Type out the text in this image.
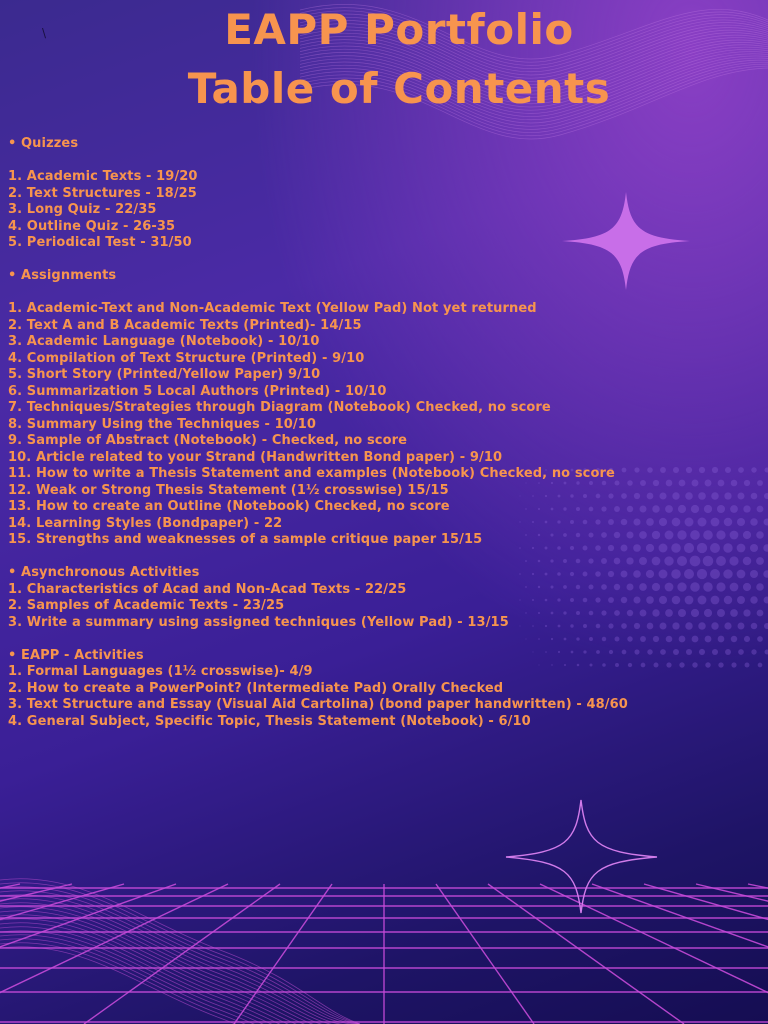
\	EAPP Portfolio
Table of Contents
• Quizzes
1. Academic Texts - 19/20
2. Text Structures - 18/25
3. Long Quiz - 22/35
4. Outline Quiz - 26-35
5. Periodical Test - 31/50
• Assignments
1. Academic-Text and Non-Academic Text (Yellow Pad) Not yet returned
2. Text A and B Academic Texts (Printed)- 14/15
3. Academic Language (Notebook) - 10/10
4. Compilation of Text Structure (Printed) - 9/10
5. Short Story (Printed/Yellow Paper) 9/10
6. Summarization 5 Local Authors (Printed) - 10/10
7. Techniques/Strategies through Diagram (Notebook) Checked, no score
8. Summary Using the Techniques - 10/10
9. Sample of Abstract (Notebook) - Checked, no score
10. Article related to your Strand (Handwritten Bond paper) - 9/10
11. How to write a Thesis Statement and examples (Notebook) Checked, no score
12. Weak or Strong Thesis Statement (1½ crosswise) 15/15
13. How to create an Outline (Notebook) Checked, no score
14. Learning Styles (Bondpaper) - 22
15. Strengths and weaknesses of a sample critique paper 15/15
• Asynchronous Activities
1. Characteristics of Acad and Non-Acad Texts - 22/25
2. Samples of Academic Texts - 23/25
3. Write a summary using assigned techniques (Yellow Pad) - 13/15
• EAPP - Activities
1. Formal Languages (1½ crosswise)- 4/9
2. How to create a PowerPoint? (Intermediate Pad) Orally Checked
3. Text Structure and Essay (Visual Aid Cartolina) (bond paper handwritten) - 48/60
4. General Subject, Specific Topic, Thesis Statement (Notebook) - 6/10
